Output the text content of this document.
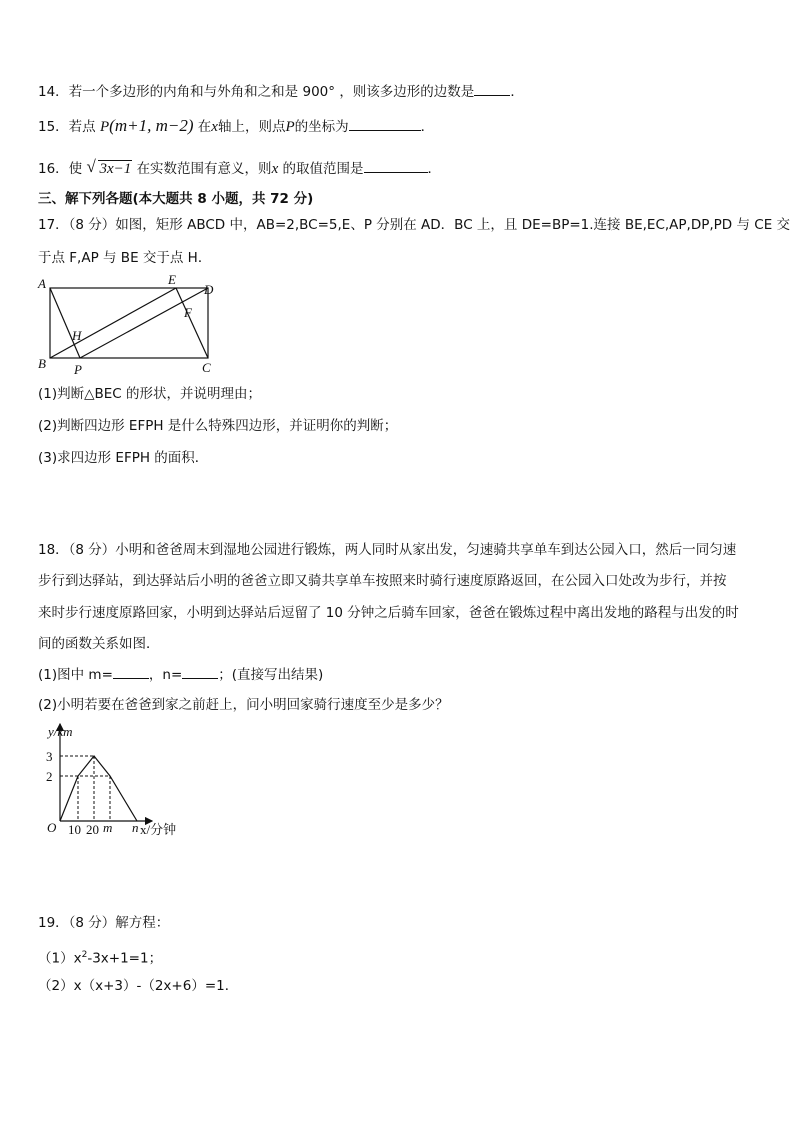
14．若一个多边形的内角和与外角和之和是 900° ，则该多边形的边数是	．
15．若点 P(m+1, m−2) 在x轴上，则点P的坐标为	．
16．使 √ 3x−1 在实数范围有意义，则x 的取值范围是	．
三、解下列各题(本大题共 8 小题，共 72 分)
17．（8 分）如图，矩形 ABCD 中，AB=2,BC=5,E、P 分别在 AD．BC 上，且 DE=BP=1.连接 BE,EC,AP,DP,PD 与 CE 交
于点 F,AP 与 BE 交于点 H．
A
B	C
D
E
F
H
P
(1)判断△BEC 的形状，并说明理由；
(2)判断四边形 EFPH 是什么特殊四边形，并证明你的判断；
(3)求四边形 EFPH 的面积．
18．（8 分）小明和爸爸周末到湿地公园进行锻炼，两人同时从家出发，匀速骑共享单车到达公园入口，然后一同匀速
步行到达驿站，到达驿站后小明的爸爸立即又骑共享单车按照来时骑行速度原路返回，在公园入口处改为步行，并按
来时步行速度原路回家，小明到达驿站后逗留了 10 分钟之后骑车回家，爸爸在锻炼过程中离出发地的路程与出发的时
间的函数关系如图．
(1)图中 m=	，n=	；(直接写出结果)
(2)小明若要在爸爸到家之前赶上，问小明回家骑行速度至少是多少？
y/km
3
2
O 10 20 m n x/分钟
19．（8 分）解方程：
$(1)x^2-3x+1=1$；
（2）x（x+3）-（2x+6）=1．
